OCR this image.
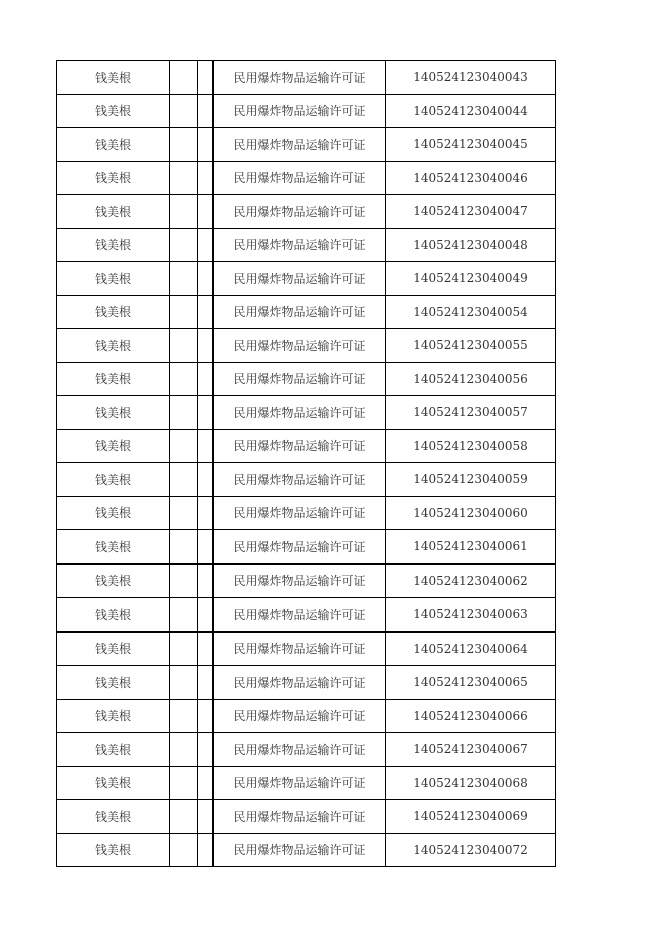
钱美根			民用爆炸物品运输许可证	140524123040043
钱美根			民用爆炸物品运输许可证	140524123040044
钱美根			民用爆炸物品运输许可证	140524123040045
钱美根			民用爆炸物品运输许可证	140524123040046
钱美根			民用爆炸物品运输许可证	140524123040047
钱美根			民用爆炸物品运输许可证	140524123040048
钱美根			民用爆炸物品运输许可证	140524123040049
钱美根			民用爆炸物品运输许可证	140524123040054
钱美根			民用爆炸物品运输许可证	140524123040055
钱美根			民用爆炸物品运输许可证	140524123040056
钱美根			民用爆炸物品运输许可证	140524123040057
钱美根			民用爆炸物品运输许可证	140524123040058
钱美根			民用爆炸物品运输许可证	140524123040059
钱美根			民用爆炸物品运输许可证	140524123040060
钱美根			民用爆炸物品运输许可证	140524123040061
钱美根			民用爆炸物品运输许可证	140524123040062
钱美根			民用爆炸物品运输许可证	140524123040063
钱美根			民用爆炸物品运输许可证	140524123040064
钱美根			民用爆炸物品运输许可证	140524123040065
钱美根			民用爆炸物品运输许可证	140524123040066
钱美根			民用爆炸物品运输许可证	140524123040067
钱美根			民用爆炸物品运输许可证	140524123040068
钱美根			民用爆炸物品运输许可证	140524123040069
钱美根			民用爆炸物品运输许可证	140524123040072
